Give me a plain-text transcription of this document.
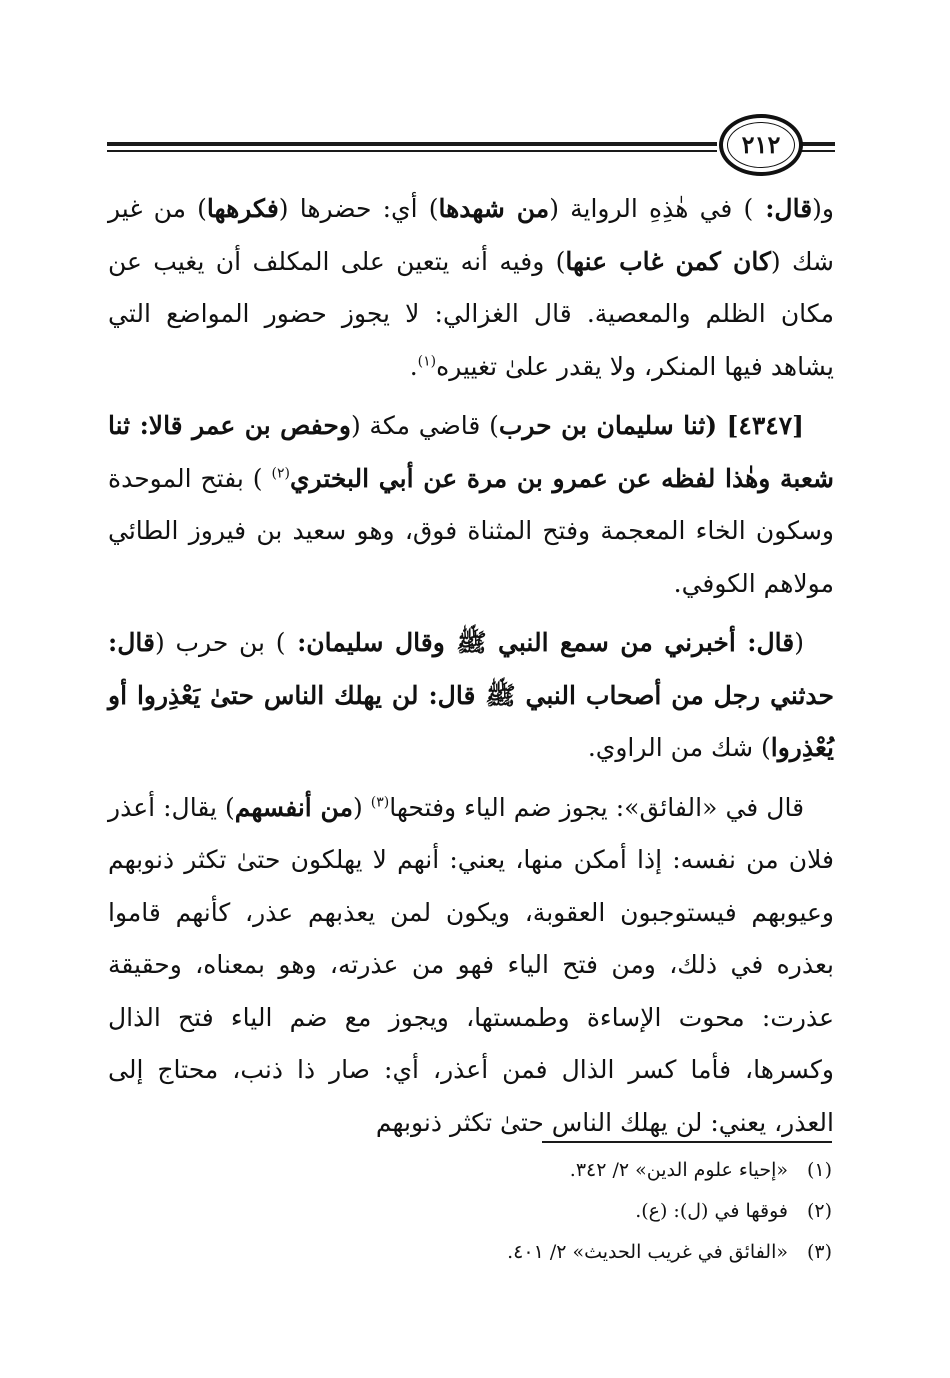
٢١٢

و(قال: ) في هٰذِهِ الرواية (من شهدها) أي: حضرها (فكرهها) من غير شك (كان كمن غاب عنها) وفيه أنه يتعين على المكلف أن يغيب عن مكان الظلم والمعصية. قال الغزالي: لا يجوز حضور المواضع التي يشاهد فيها المنكر، ولا يقدر علىٰ تغييره$^{(١)}$.

[٤٣٤٧] (ثنا سليمان بن حرب) قاضي مكة (وحفص بن عمر قالا: ثنا شعبة وهٰذا لفظه عن عمرو بن مرة عن أبي البختري$^{(٢)}$ ) بفتح الموحدة وسكون الخاء المعجمة وفتح المثناة فوق، وهو سعيد بن فيروز الطائي مولاهم الكوفي.

(قال: أخبرني من سمع النبي ﷺ وقال سليمان: ) بن حرب (قال: حدثني رجل من أصحاب النبي ﷺ قال: لن يهلك الناس حتىٰ يَعْذِروا أو يُعْذِروا) شك من الراوي.

قال في «الفائق»: يجوز ضم الياء وفتحها$^{(٣)}$ (من أنفسهم) يقال: أعذر فلان من نفسه: إذا أمكن منها، يعني: أنهم لا يهلكون حتىٰ تكثر ذنوبهم وعيوبهم فيستوجبون العقوبة، ويكون لمن يعذبهم عذر، كأنهم قاموا بعذره في ذلك، ومن فتح الياء فهو من عذرته، وهو بمعناه، وحقيقة عذرت: محوت الإساءة وطمستها، ويجوز مع ضم الياء فتح الذال وكسرها، فأما كسر الذال فمن أعذر، أي: صار ذا ذنب، محتاج إلى العذر، يعني: لن يهلك الناس حتىٰ تكثر ذنوبهم

(١)
«إحياء علوم الدين» ٢/ ٣٤٢.
(٢)
فوقها في (ل): (ع).
(٣)
«الفائق في غريب الحديث» ٢/ ٤٠١.
